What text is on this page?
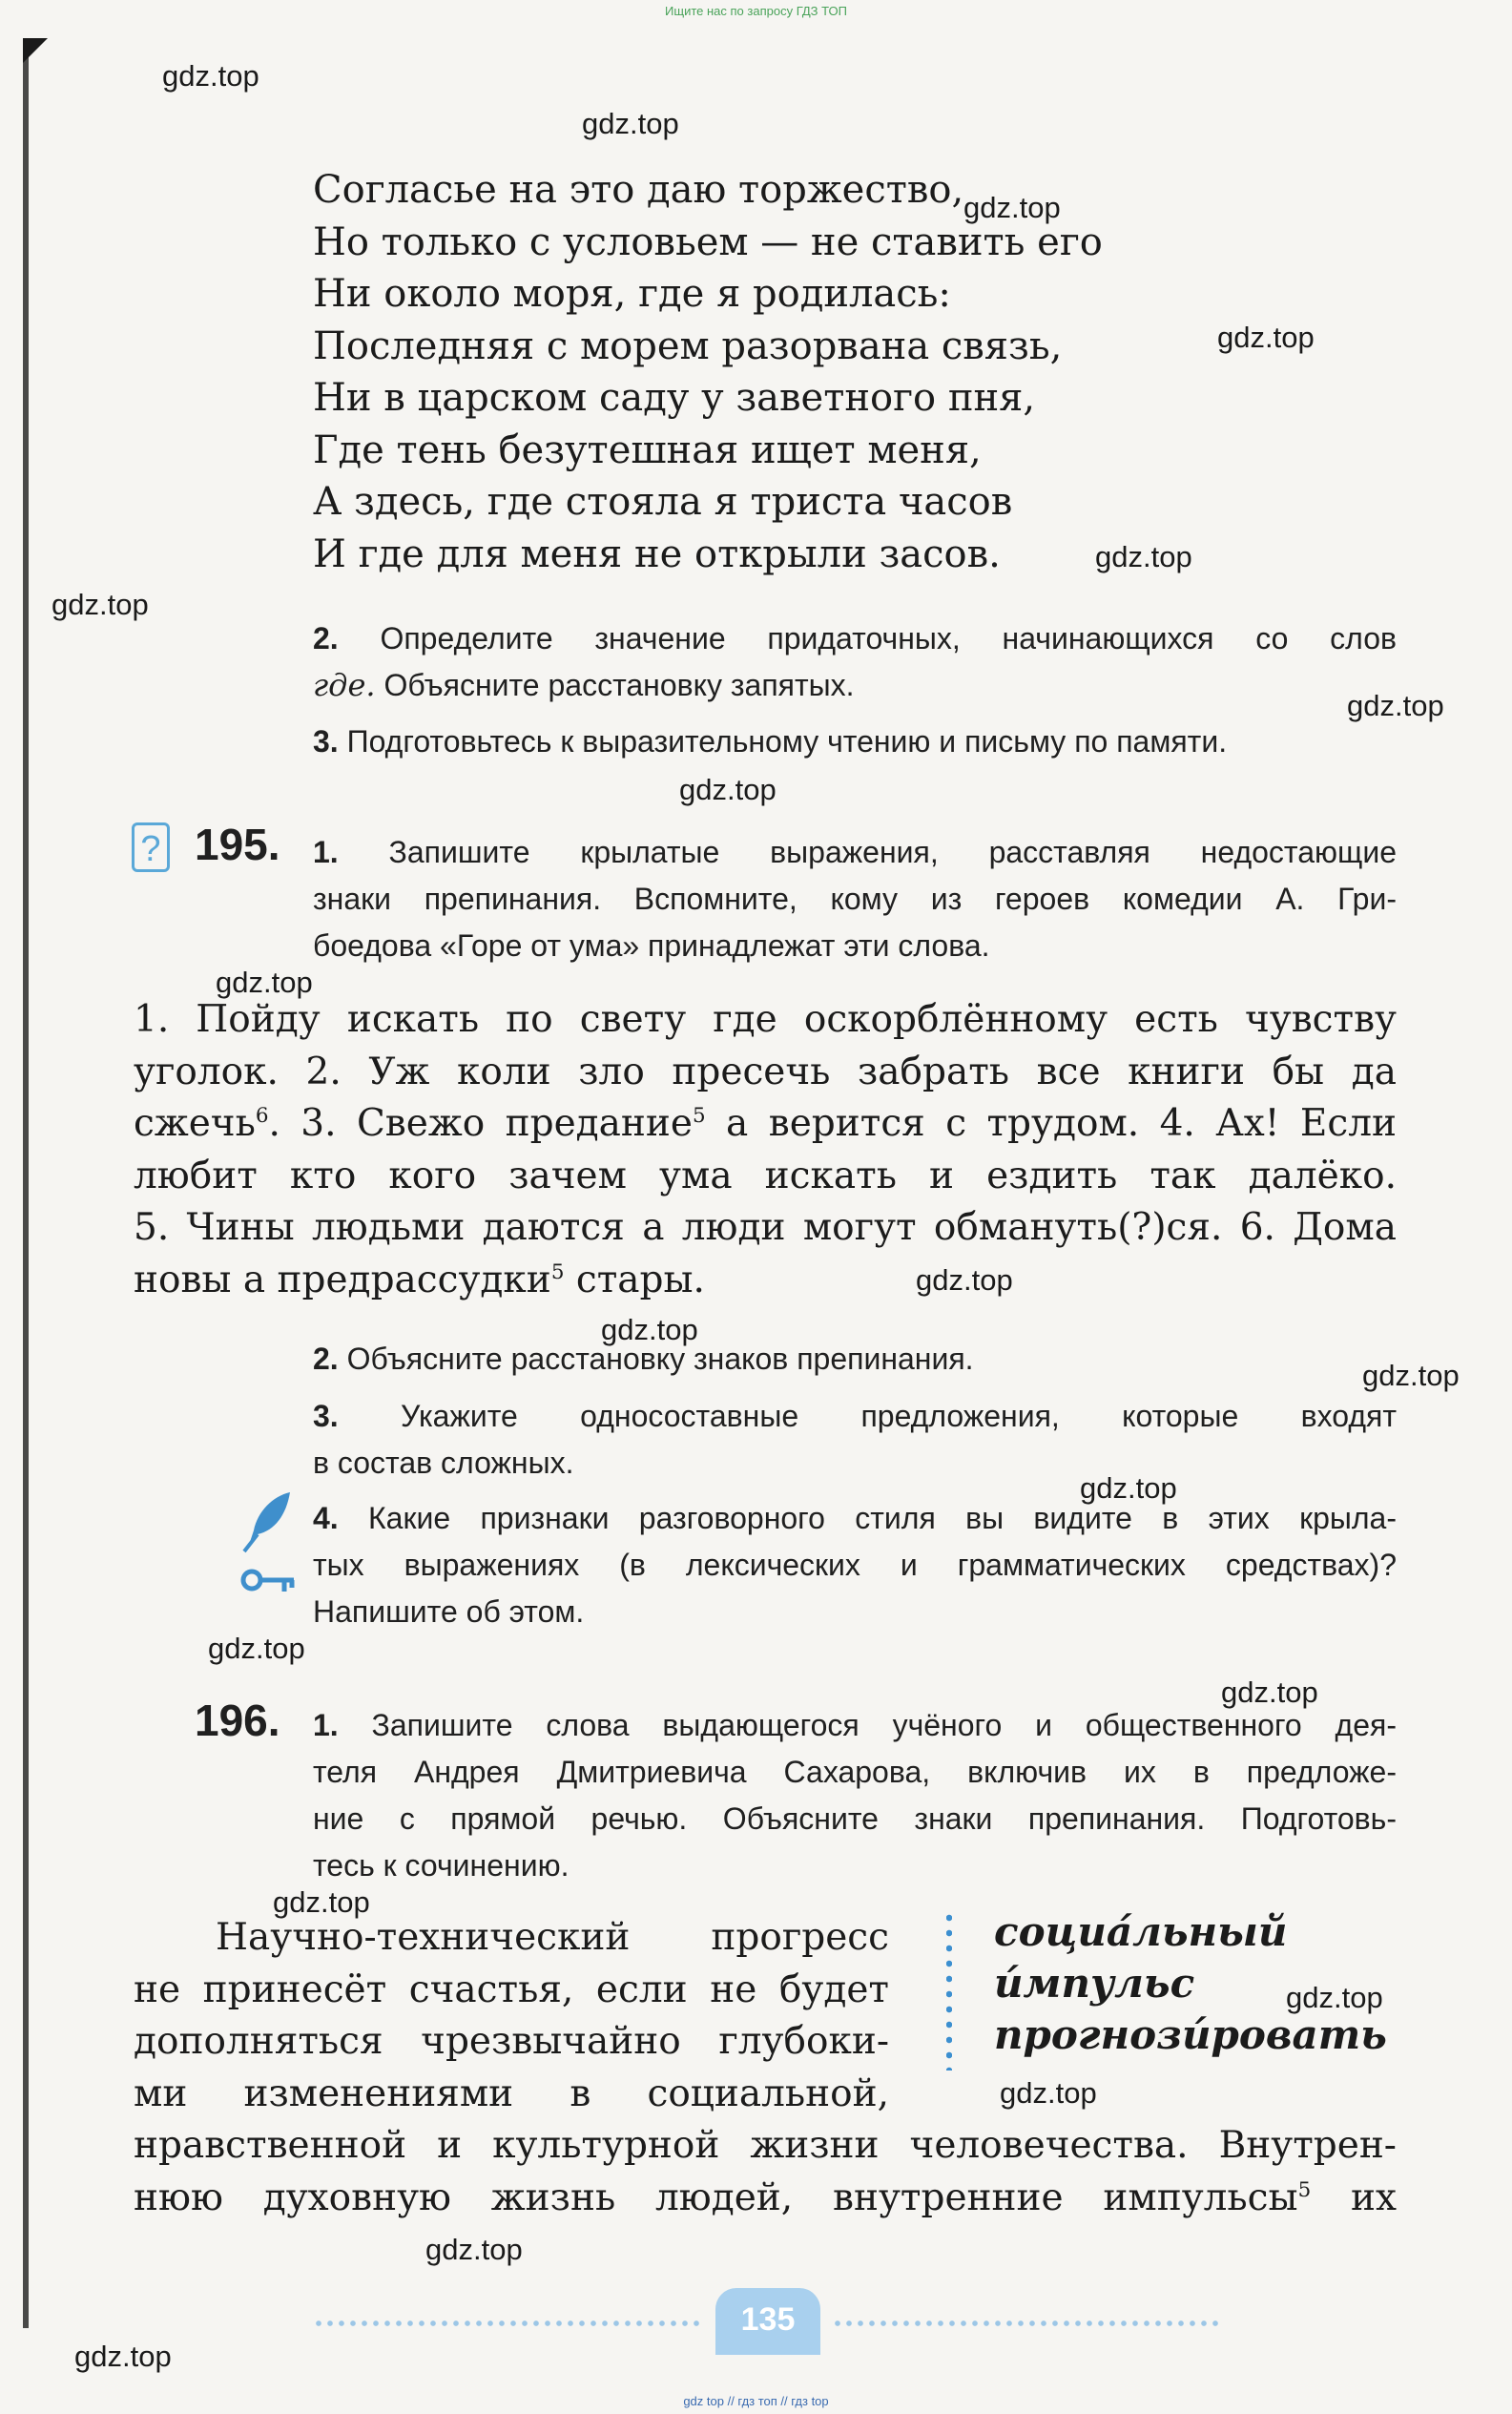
Ищите нас по запросу ГДЗ ТОП
gdz top // гдз топ // гдз top
gdz.top
gdz.top
gdz.top
gdz.top
gdz.top
gdz.top
gdz.top
gdz.top
gdz.top
gdz.top
gdz.top
gdz.top
gdz.top
gdz.top
gdz.top
gdz.top
gdz.top
gdz.top
gdz.top
gdz.top
Согласье на это даю торжество,
Но только с условьем — не ставить его
Ни около моря, где я родилась:
Последняя с морем разорвана связь,
Ни в царском саду у заветного пня,
Где тень безутешная ищет меня,
А здесь, где стояла я триста часов
И где для меня не открыли засов.
2. Определите значение придаточных, начинающихся со слов
где. Объясните расстановку запятых.
3. Подготовьтесь к выразительному чтению и письму по памяти.
? 195. 1. Запишите крылатые выражения, расставляя недостающие
знаки препинания. Вспомните, кому из героев комедии А. Гри-
боедова «Горе от ума» принадлежат эти слова.
1. Пойду искать по свету где оскорблённому есть чувству
уголок. 2. Уж коли зло пресечь забрать все книги бы да
сжечь$^6$. 3. Свежо предание$^5$ а верится с трудом. 4. Ах! Если
любит кто кого зачем ума искать и ездить так далёко.
5. Чины людьми даются а люди могут обмануть(?)ся. 6. Дома
новы а предрассудки$^5$ стары.
2. Объясните расстановку знаков препинания.
3. Укажите односоставные предложения, которые входят
в состав сложных.
4. Какие признаки разговорного стиля вы видите в этих крыла-
тых выражениях (в лексических и грамматических средствах)?
Напишите об этом.
196. 1. Запишите слова выдающегося учёного и общественного дея-
теля Андрея Дмитриевича Сахарова, включив их в предложе-
ние с прямой речью. Объясните знаки препинания. Подготовь-
тесь к сочинению.
Научно-технический прогресс
не принесёт счастья, если не будет
дополняться чрезвычайно глубоки-
ми изменениями в социальной,
нравственной и культурной жизни человечества. Внутрен-
нюю духовную жизнь людей, внутренние импульсы$^5$ их
социа́льный
и́мпульс
прогнози́ровать
135
